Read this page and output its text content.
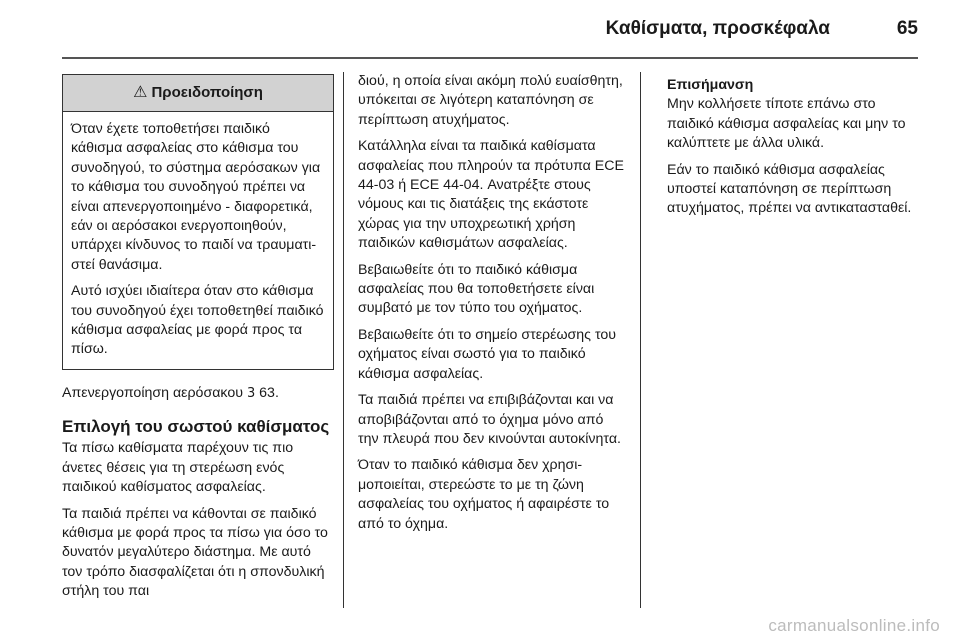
Καθίσματα, προσκέφαλα	65
⚠ Προειδοποίηση

Όταν έχετε τοποθετήσει παιδικό κάθισμα ασφαλείας στο κάθισμα του συνοδηγού, το σύστημα αερόσακων για το κάθισμα του συνοδηγού πρέπει να είναι απενεργοποιημένο - διαφορετικά, εάν οι αερόσακοι ενεργοποιηθούν, υπάρχει κίνδυνος το παιδί να τραυματιστεί θανάσιμα.

Αυτό ισχύει ιδιαίτερα όταν στο κάθισμα του συνοδηγού έχει τοποθετηθεί παιδικό κάθισμα ασφαλείας με φορά προς τα πίσω.

Απενεργοποίηση αερόσακου 3 63.

Επιλογή του σωστού καθίσματος

Τα πίσω καθίσματα παρέχουν τις πιο άνετες θέσεις για τη στερέωση ενός παιδικού καθίσματος ασφαλείας.

Τα παιδιά πρέπει να κάθονται σε παιδικό κάθισμα με φορά προς τα πίσω για όσο το δυνατόν μεγαλύτερο διάστημα. Με αυτό τον τρόπο διασφαλίζεται ότι η σπονδυλική στήλη του παι

διού, η οποία είναι ακόμη πολύ ευαίσθητη, υπόκειται σε λιγότερη καταπόνηση σε περίπτωση ατυχήματος.

Κατάλληλα είναι τα παιδικά καθίσματα ασφαλείας που πληρούν τα πρότυπα ECE 44-03 ή ECE 44-04. Ανατρέξτε στους νόμους και τις διατάξεις της εκάστοτε χώρας για την υποχρεωτική χρήση παιδικών καθισμάτων ασφαλείας.

Βεβαιωθείτε ότι το παιδικό κάθισμα ασφαλείας που θα τοποθετήσετε είναι συμβατό με τον τύπο του οχήματος.

Βεβαιωθείτε ότι το σημείο στερέωσης του οχήματος είναι σωστό για το παιδικό κάθισμα ασφαλείας.

Τα παιδιά πρέπει να επιβιβάζονται και να αποβιβάζονται από το όχημα μόνο από την πλευρά που δεν κινούνται αυτοκίνητα.

Όταν το παιδικό κάθισμα δεν χρησιμοποιείται, στερεώστε το με τη ζώνη ασφαλείας του οχήματος ή αφαιρέστε το από το όχημα.

Επισήμανση

Μην κολλήσετε τίποτε επάνω στο παιδικό κάθισμα ασφαλείας και μην το καλύπτετε με άλλα υλικά.

Εάν το παιδικό κάθισμα ασφαλείας υποστεί καταπόνηση σε περίπτωση ατυχήματος, πρέπει να αντικατασταθεί.

carmanualsonline.info
